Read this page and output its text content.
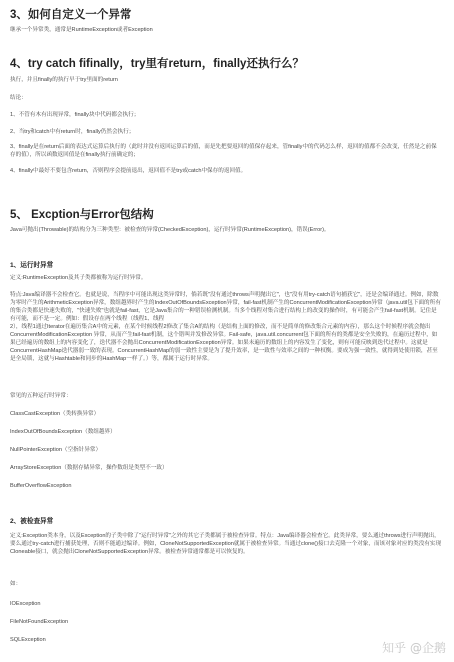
3、如何自定义一个异常
继承一个异常类，通常是RuntimeException或者Exception
4、try catch fifinally，try里有return，finally还执行么？
执行，并且finally的执行早于try里面的return
结论：
1、不管有木有出现异常，finally块中代码都会执行；
2、当try和catch中有return时，finally仍然会执行；
3、finally是在return后面的表达式运算后执行的（此时并没有返回运算后的值，而是先把要返回的值保存起来，管finally中的代码怎么样，返回的值都不会改变，任然是之前保存的值），所以函数返回值是在finally执行前确定的；
4、finally中最好不要包含return，否则程序会提前退出，返回值不是try或catch中保存的返回值。
5、 Excption与Error包结构
Java可抛出(Throwable)的结构分为三种类型：被检查的异常(CheckedException)，运行时异常(RuntimeException)，错误(Error)。
1、运行时异常
定义:RuntimeException及其子类都被称为运行时异常。
特点:Java编译器不会检查它。也就是说，当程序中可能出现这类异常时，倘若既"没有通过throws声明抛出它"，也"没有用try-catch语句捕获它"，还是会编译通过。例如，除数为零时产生的ArithmeticException异常，数组越界时产生的IndexOutOfBoundsException异常，fail-fast机制产生的ConcurrentModificationException异常（java.util包下面的所有的集合类都是快速失败的，"快速失败"也就是fail-fast，它是Java集合的一种错误检测机制。当多个线程对集合进行结构上的改变的操作时，有可能会产生fail-fast机制。记住是有可能，而不是一定。例如：假设存在两个线程（线程1、线程
2），线程1通过Iterator在遍历集合A中的元素，在某个时候线程2修改了集合A的结构（是结构上面的修改，而不是简单的修改集合元素的内容），那么这个时候程序就会抛出ConcurrentModificationException 异常，从而产生fail-fast机制，这个错叫并发修改异常。Fail-safe，java.util.concurrent包下面的所有的类都是安全失败的，在遍历过程中，如果已经遍历的数组上的内容变化了，迭代器不会抛出ConcurrentModificationException异常。如果未遍历的数组上的内容发生了变化，则有可能反映到迭代过程中。这就是ConcurrentHashMap迭代器弱一致的表现。ConcurrentHashMap的弱一致性主要是为了提升效率，是一致性与效率之间的一种权衡。要成为强一致性，就得到处使用锁，甚至是全局锁，这就与Hashtable和同步的HashMap一样了。）等，都属于运行时异常。
常见的五种运行时异常：
ClassCastException（类转换异常）
IndexOutOfBoundsException（数组越界）
NullPointerException（空指针异常）
ArrayStoreException（数据存储异常，操作数组是类型不一致）
BufferOverflowException
2、被检查异常
定义:Exception类本身，以及Exception的子类中除了"运行时异常"之外的其它子类都属于被检查异常。特点：Java编译器会检查它。此类异常，要么通过throws进行声明抛出，要么通过try-catch进行捕获处理，否则不能通过编译。例如，CloneNotSupportedException就属于被检查异常。当通过clone()接口去克隆一个对象，而该对象对应的类没有实现Cloneable接口，就会抛出CloneNotSupportedException异常。被检查异常通常都是可以恢复的。
如：
IOException
FileNotFoundException
SQLException
知乎 @企鹅
